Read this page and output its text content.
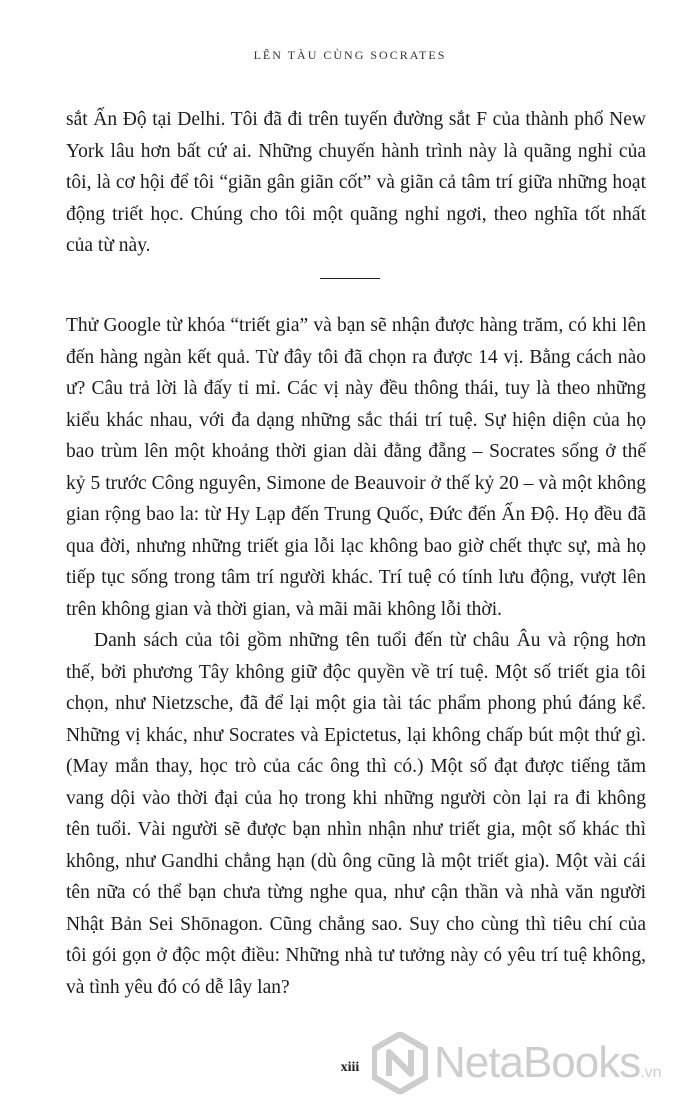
LÊN TÀU CÙNG SOCRATES

sắt Ấn Độ tại Delhi. Tôi đã đi trên tuyến đường sắt F của thành phố New York lâu hơn bất cứ ai. Những chuyến hành trình này là quãng nghỉ của tôi, là cơ hội để tôi “giãn gân giãn cốt” và giãn cả tâm trí giữa những hoạt động triết học. Chúng cho tôi một quãng nghỉ ngơi, theo nghĩa tốt nhất của từ này.

Thử Google từ khóa “triết gia” và bạn sẽ nhận được hàng trăm, có khi lên đến hàng ngàn kết quả. Từ đây tôi đã chọn ra được 14 vị. Bằng cách nào ư? Câu trả lời là đấy tỉ mỉ. Các vị này đều thông thái, tuy là theo những kiểu khác nhau, với đa dạng những sắc thái trí tuệ. Sự hiện diện của họ bao trùm lên một khoảng thời gian dài đằng đẵng – Socrates sống ở thế kỷ 5 trước Công nguyên, Simone de Beauvoir ở thế kỷ 20 – và một không gian rộng bao la: từ Hy Lạp đến Trung Quốc, Đức đến Ấn Độ. Họ đều đã qua đời, nhưng những triết gia lỗi lạc không bao giờ chết thực sự, mà họ tiếp tục sống trong tâm trí người khác. Trí tuệ có tính lưu động, vượt lên trên không gian và thời gian, và mãi mãi không lỗi thời.

Danh sách của tôi gồm những tên tuổi đến từ châu Âu và rộng hơn thế, bởi phương Tây không giữ độc quyền về trí tuệ. Một số triết gia tôi chọn, như Nietzsche, đã để lại một gia tài tác phẩm phong phú đáng kể. Những vị khác, như Socrates và Epictetus, lại không chấp bút một thứ gì. (May mắn thay, học trò của các ông thì có.) Một số đạt được tiếng tăm vang dội vào thời đại của họ trong khi những người còn lại ra đi không tên tuổi. Vài người sẽ được bạn nhìn nhận như triết gia, một số khác thì không, như Gandhi chẳng hạn (dù ông cũng là một triết gia). Một vài cái tên nữa có thể bạn chưa từng nghe qua, như cận thần và nhà văn người Nhật Bản Sei Shōnagon. Cũng chẳng sao. Suy cho cùng thì tiêu chí của tôi gói gọn ở độc một điều: Những nhà tư tưởng này có yêu trí tuệ không, và tình yêu đó có dễ lây lan?

xiii	NetaBooks.vn
